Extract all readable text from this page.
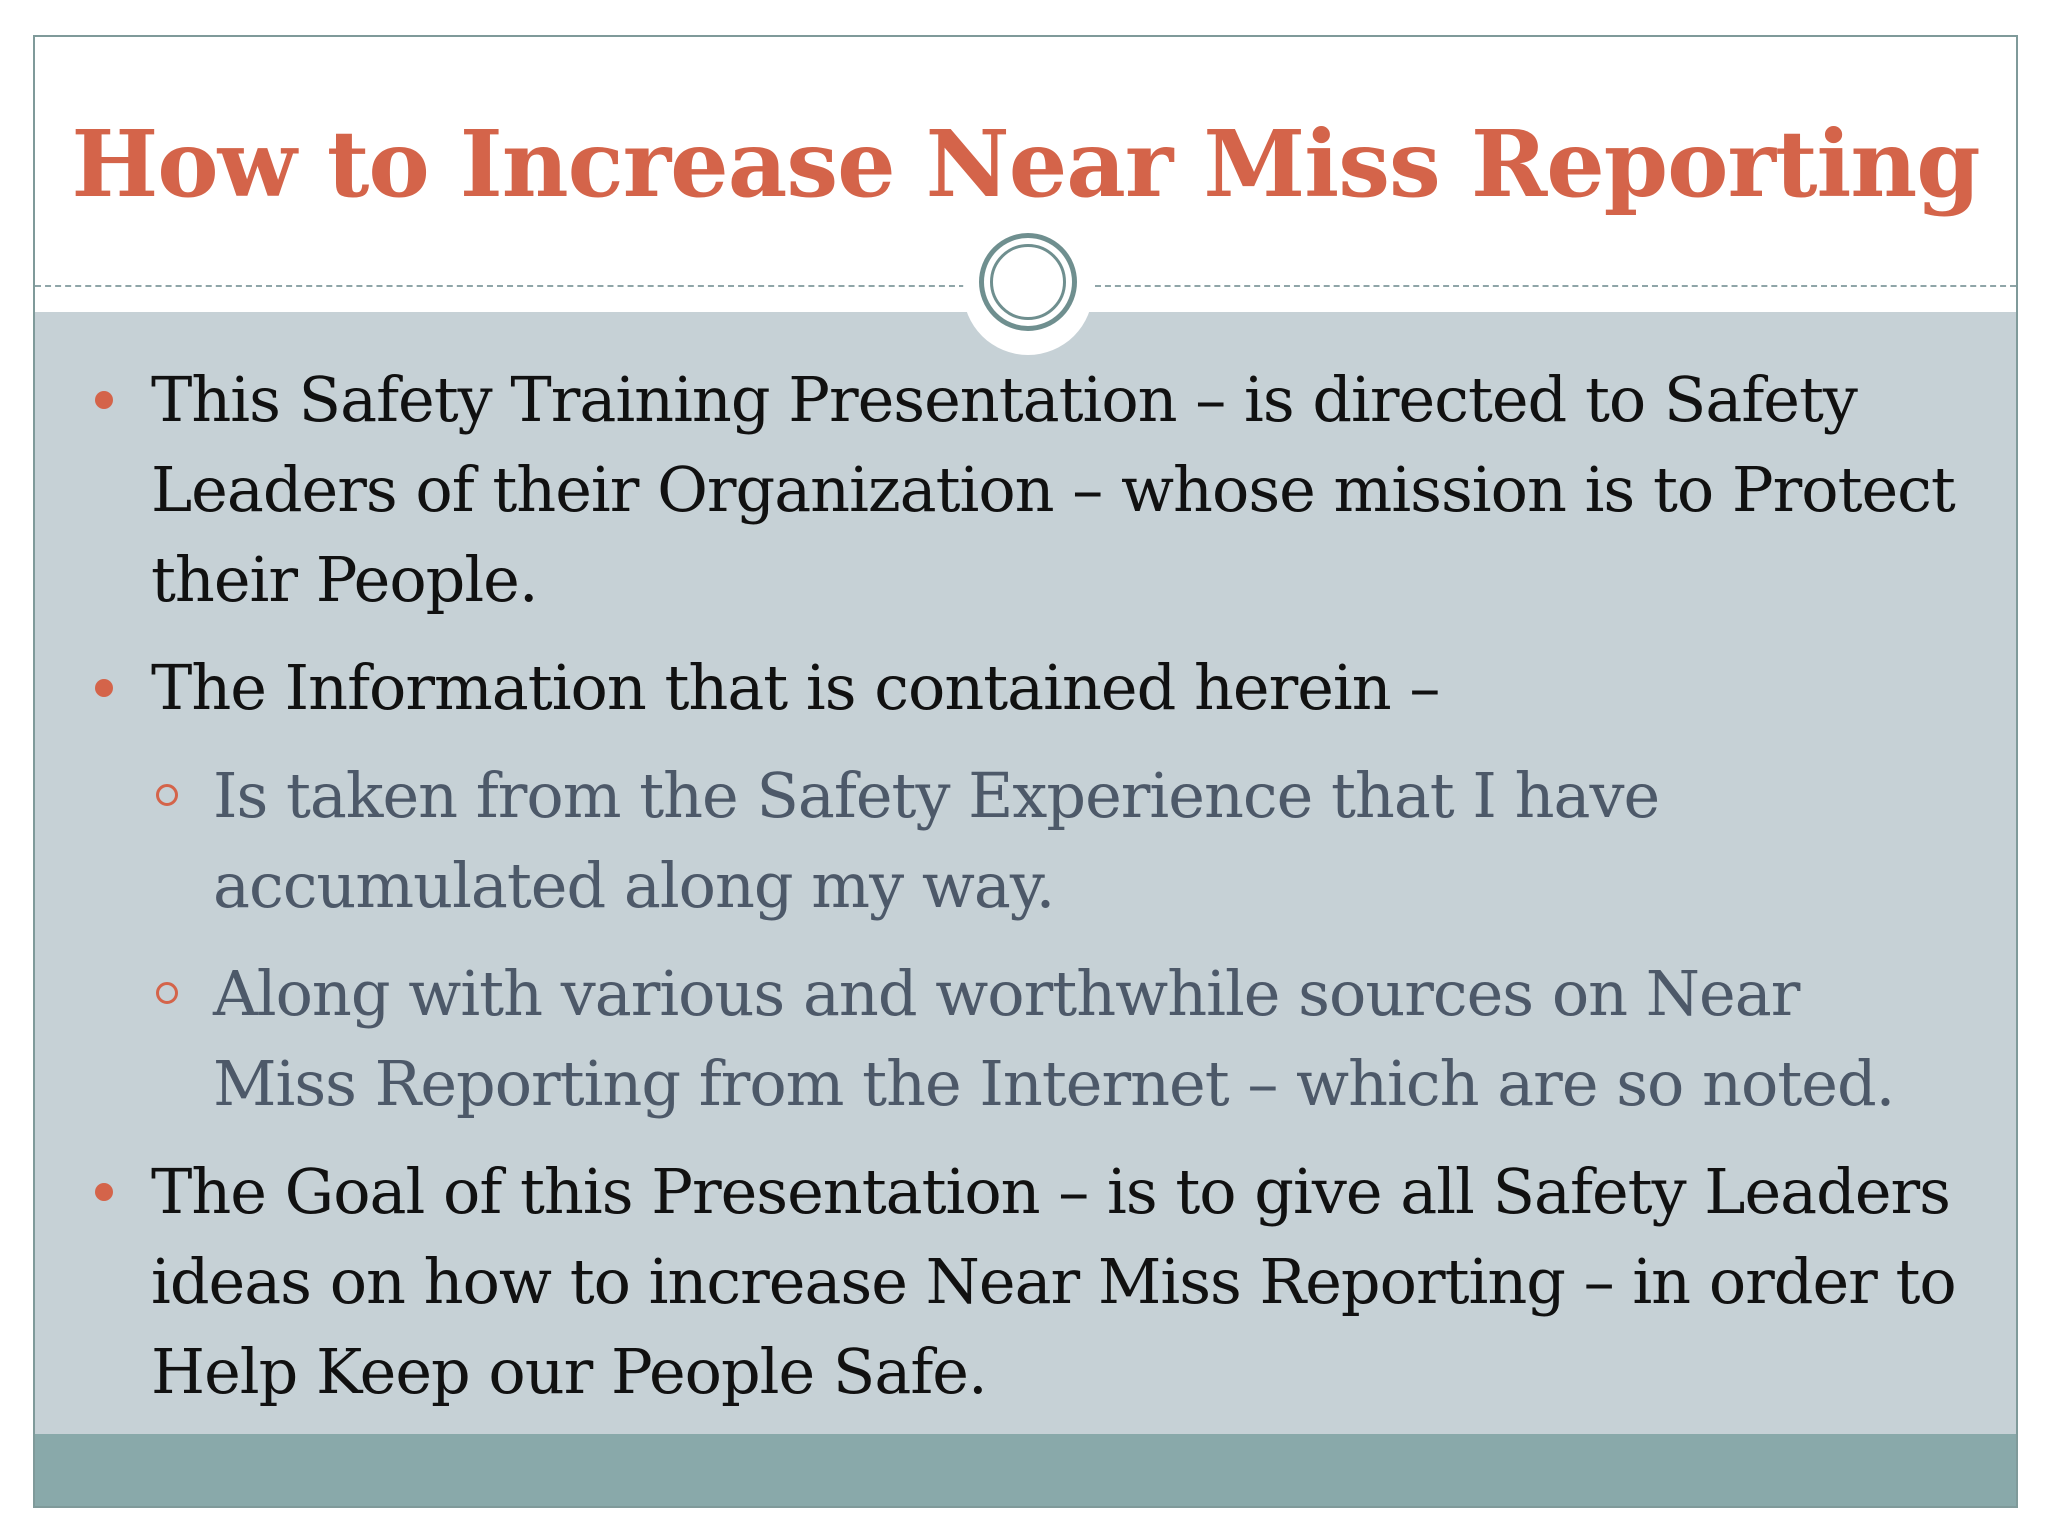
How to Increase Near Miss Reporting
This Safety Training Presentation – is directed to Safety Leaders of their Organization – whose mission is to Protect their People.
The Information that is contained herein –
Is taken from the Safety Experience that I have accumulated along my way.
Along with various and worthwhile sources on Near Miss Reporting from the Internet – which are so noted.
The Goal of this Presentation – is to give all Safety Leaders ideas on how to increase Near Miss Reporting – in order to Help Keep our People Safe.
